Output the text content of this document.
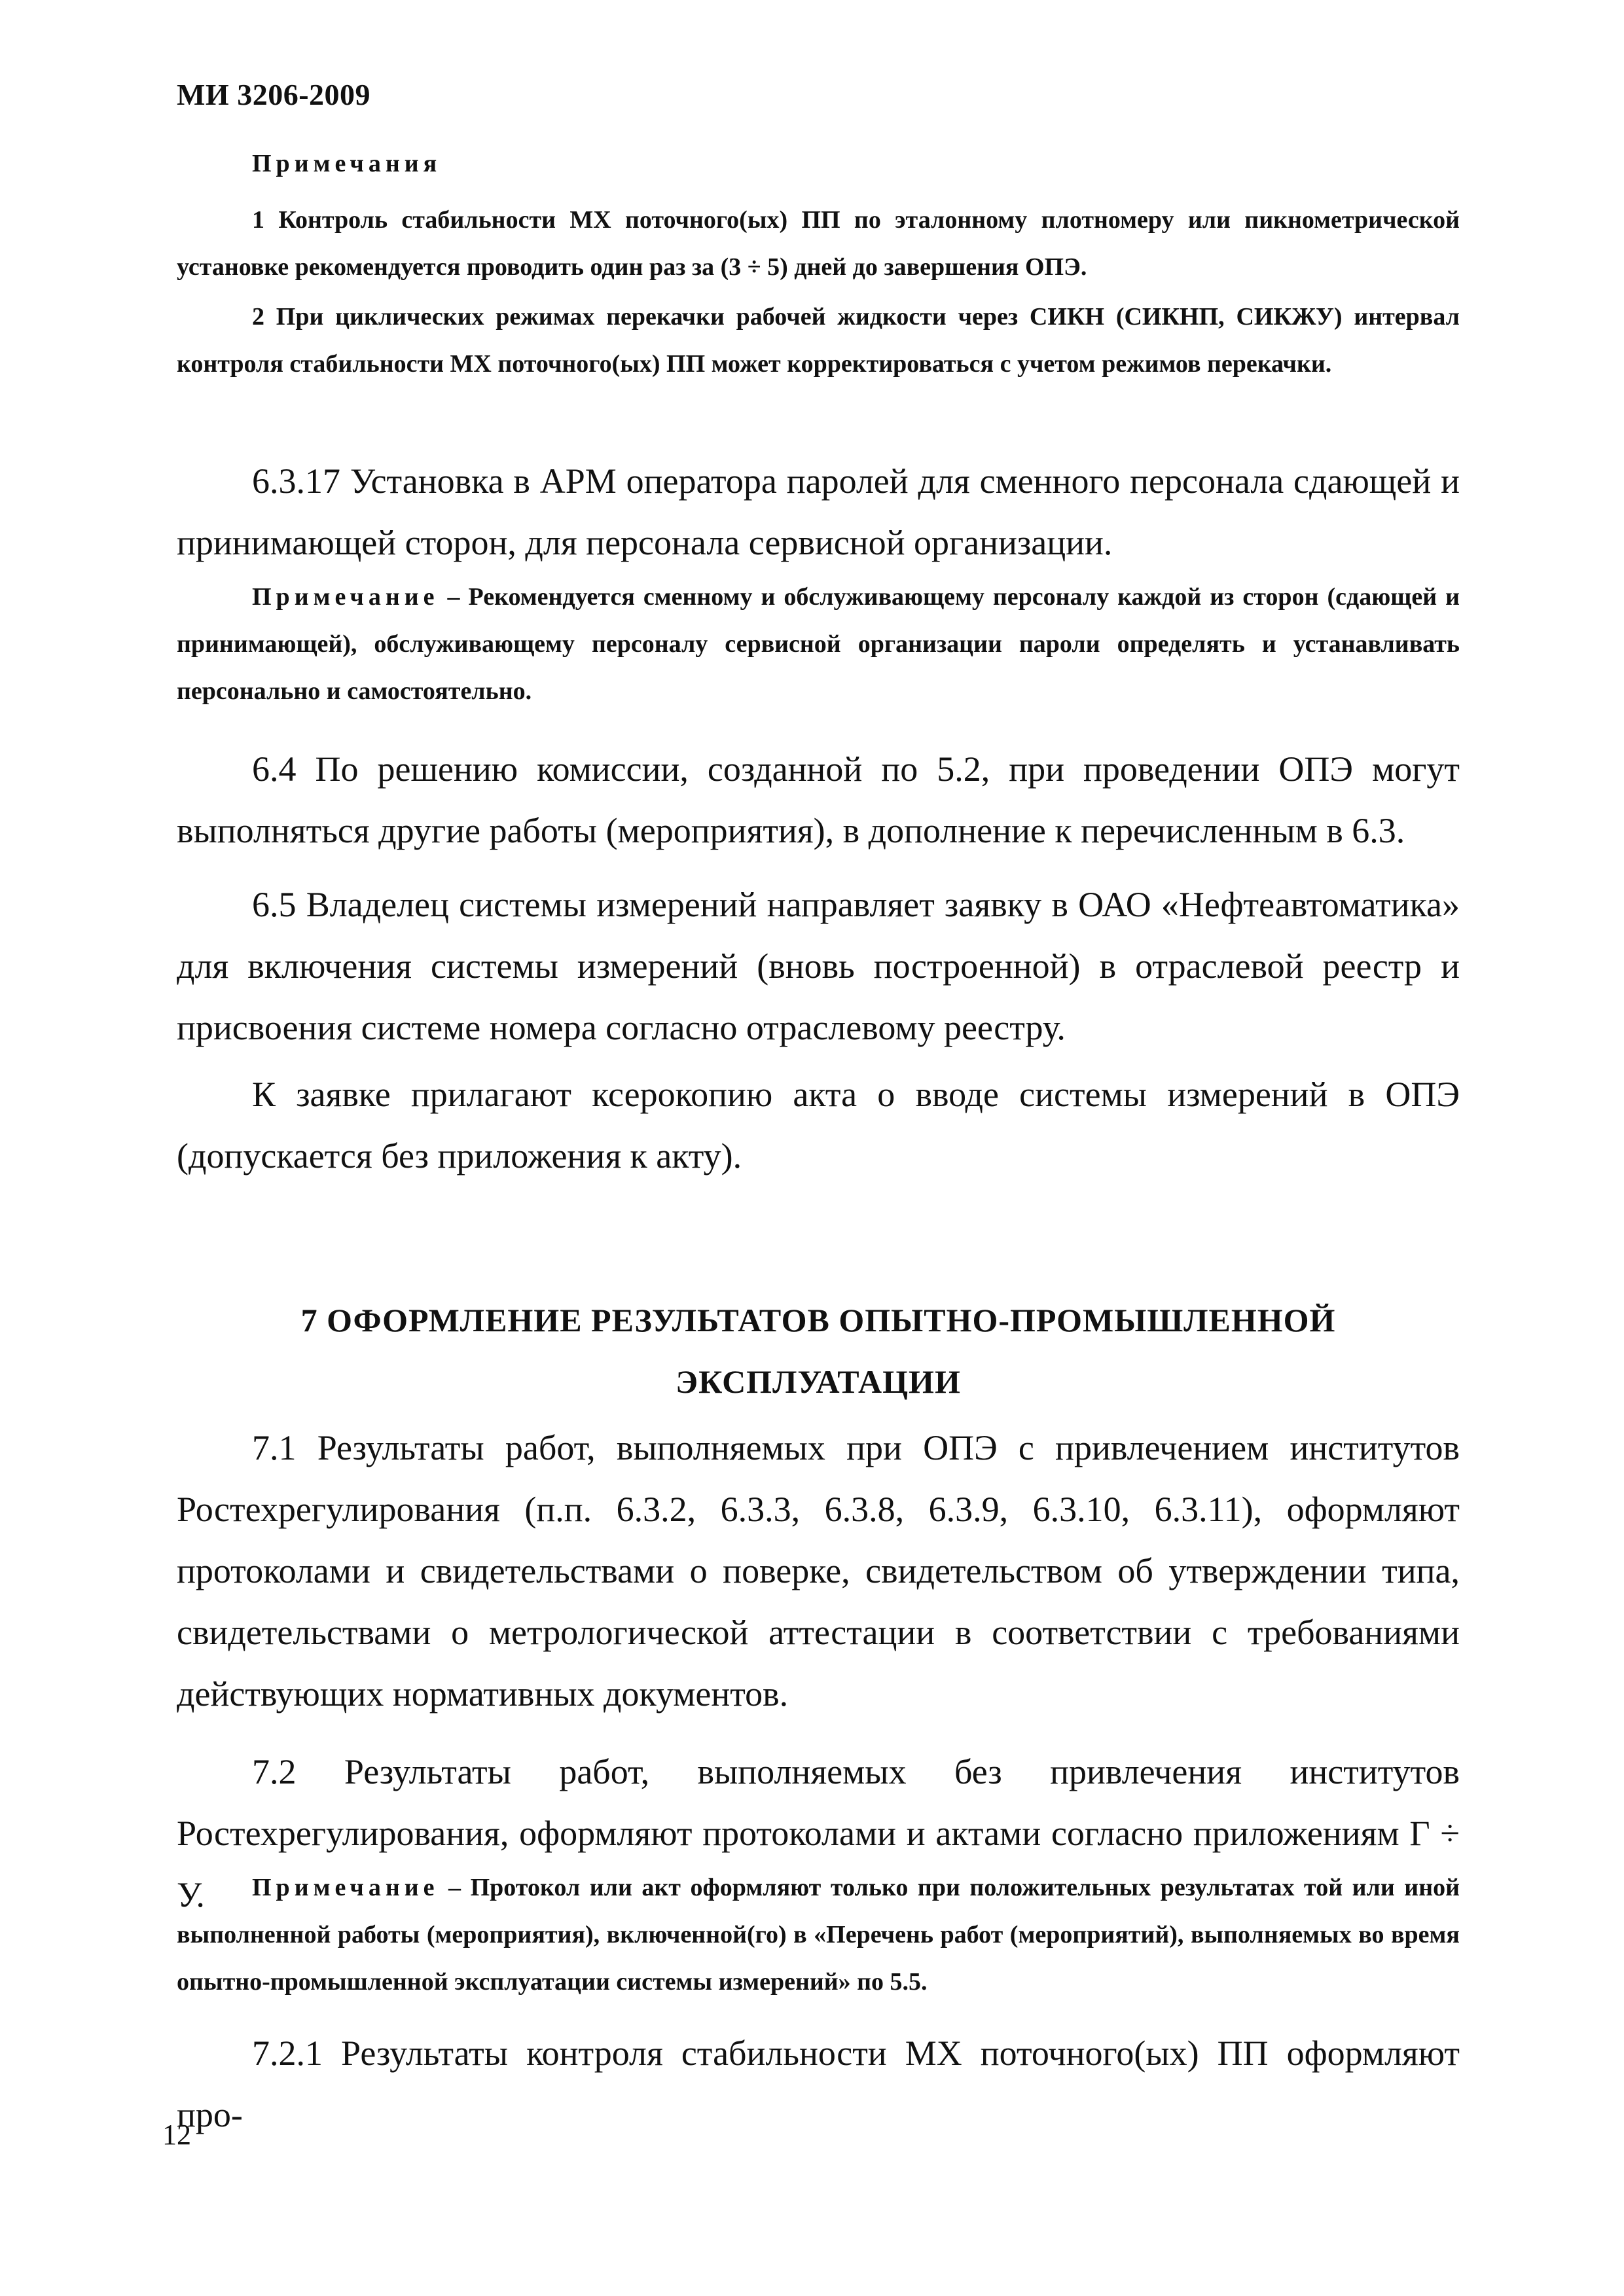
МИ 3206-2009
Примечания

1 Контроль стабильности МХ поточного(ых) ПП по эталонному плотномеру или пикнометрической установке рекомендуется проводить один раз за (3 ÷ 5) дней до завершения ОПЭ.

2 При циклических режимах перекачки рабочей жидкости через СИКН (СИКНП, СИКЖУ) интервал контроля стабильности МХ поточного(ых) ПП может корректироваться с учетом режимов перекачки.

6.3.17 Установка в АРМ оператора паролей для сменного персонала сдающей и принимающей сторон, для персонала сервисной организации.

Примечание – Рекомендуется сменному и обслуживающему персоналу каждой из сторон (сдающей и принимающей), обслуживающему персоналу сервисной организации пароли определять и устанавливать персонально и самостоятельно.

6.4 По решению комиссии, созданной по 5.2, при проведении ОПЭ могут выполняться другие работы (мероприятия), в дополнение к перечисленным в 6.3.

6.5 Владелец системы измерений направляет заявку в ОАО «Нефтеавтоматика» для включения системы измерений (вновь построенной) в отраслевой реестр и присвоения системе номера согласно отраслевому реестру.

К заявке прилагают ксерокопию акта о вводе системы измерений в ОПЭ (допускается без приложения к акту).

7 ОФОРМЛЕНИЕ РЕЗУЛЬТАТОВ ОПЫТНО-ПРОМЫШЛЕННОЙ
ЭКСПЛУАТАЦИИ

7.1 Результаты работ, выполняемых при ОПЭ с привлечением институтов Ростехрегулирования (п.п. 6.3.2, 6.3.3, 6.3.8, 6.3.9, 6.3.10, 6.3.11), оформляют протоколами и свидетельствами о поверке, свидетельством об утверждении типа, свидетельствами о метрологической аттестации в соответствии с требованиями действующих нормативных документов.

7.2 Результаты работ, выполняемых без привлечения институтов Ростехрегулирования, оформляют протоколами и актами согласно приложениям Г ÷ У.	Примечание – Протокол или акт оформляют только при положительных результатах той или иной выполненной работы (мероприятия), включенной(го) в «Перечень работ (мероприятий), выполняемых во время опытно-промышленной эксплуатации системы измерений» по 5.5.

7.2.1 Результаты контроля стабильности МХ поточного(ых) ПП оформляют про-

12
